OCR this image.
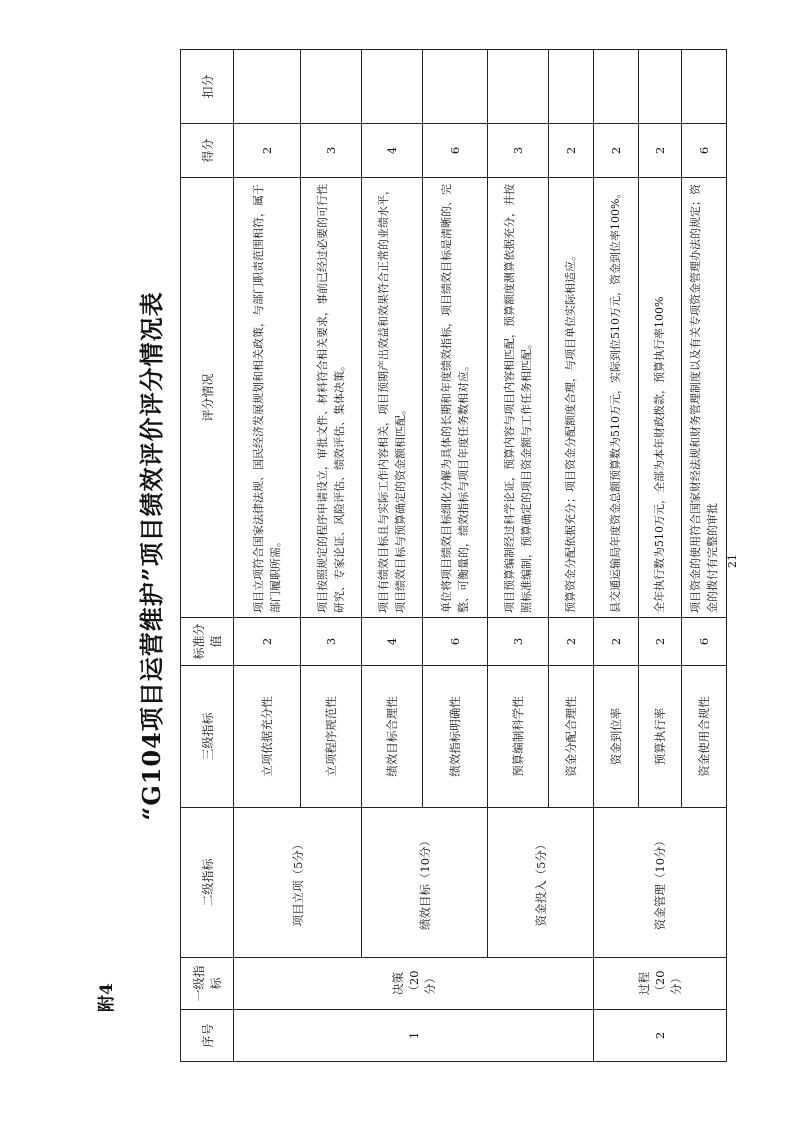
附4
“G104项目运营维护”项目绩效评价评分情况表
序号	一级指标	二级指标	三级指标	标准分值	评分情况	得分	扣分
1	决策（20分）	项目立项（5分）	立项依据充分性	2	项目立项符合国家法律法规、国民经济发展规划和相关政策，与部门职责范围相符，属于部门履职所需。	2	
			立项程序规范性	3	项目按照规定的程序申请设立，审批文件、材料符合相关要求，事前已经过必要的可行性研究、专家论证、风险评估、绩效评估、集体决策。	3	
		绩效目标（10分）	绩效目标合理性	4	项目有绩效目标且与实际工作内容相关，项目预期产出效益和效果符合正常的业绩水平，项目绩效目标与预算确定的资金额相匹配。	4	
			绩效指标明确性	6	单位将项目绩效目标细化分解为具体的长期和年度绩效指标，项目绩效目标是清晰的、完整、可衡量的，绩效指标与项目年度任务数相对应。	6	
		资金投入（5分）	预算编制科学性	3	项目预算编制经过科学论证，预算内容与项目内容相匹配，预算额度测算依据充分，并按照标准编制，预算确定的项目资金额与工作任务相匹配。	3	
			资金分配合理性	2	预算资金分配依据充分；项目资金分配额度合理，与项目单位实际相适应。	2	
2	过程（20分）	资金管理（10分）	资金到位率	2	县交通运输局年度资金总额预算数为510万元，实际到位510万元，资金到位率100%。	2	
			预算执行率	2	全年执行数为510万元，全部为本年财政拨款，预算执行率100%	2	
			资金使用合规性	6	项目资金的使用符合国家财经法规和财务管理制度以及有关专项资金管理办法的规定；资金的拨付有完整的审批	6	
21
